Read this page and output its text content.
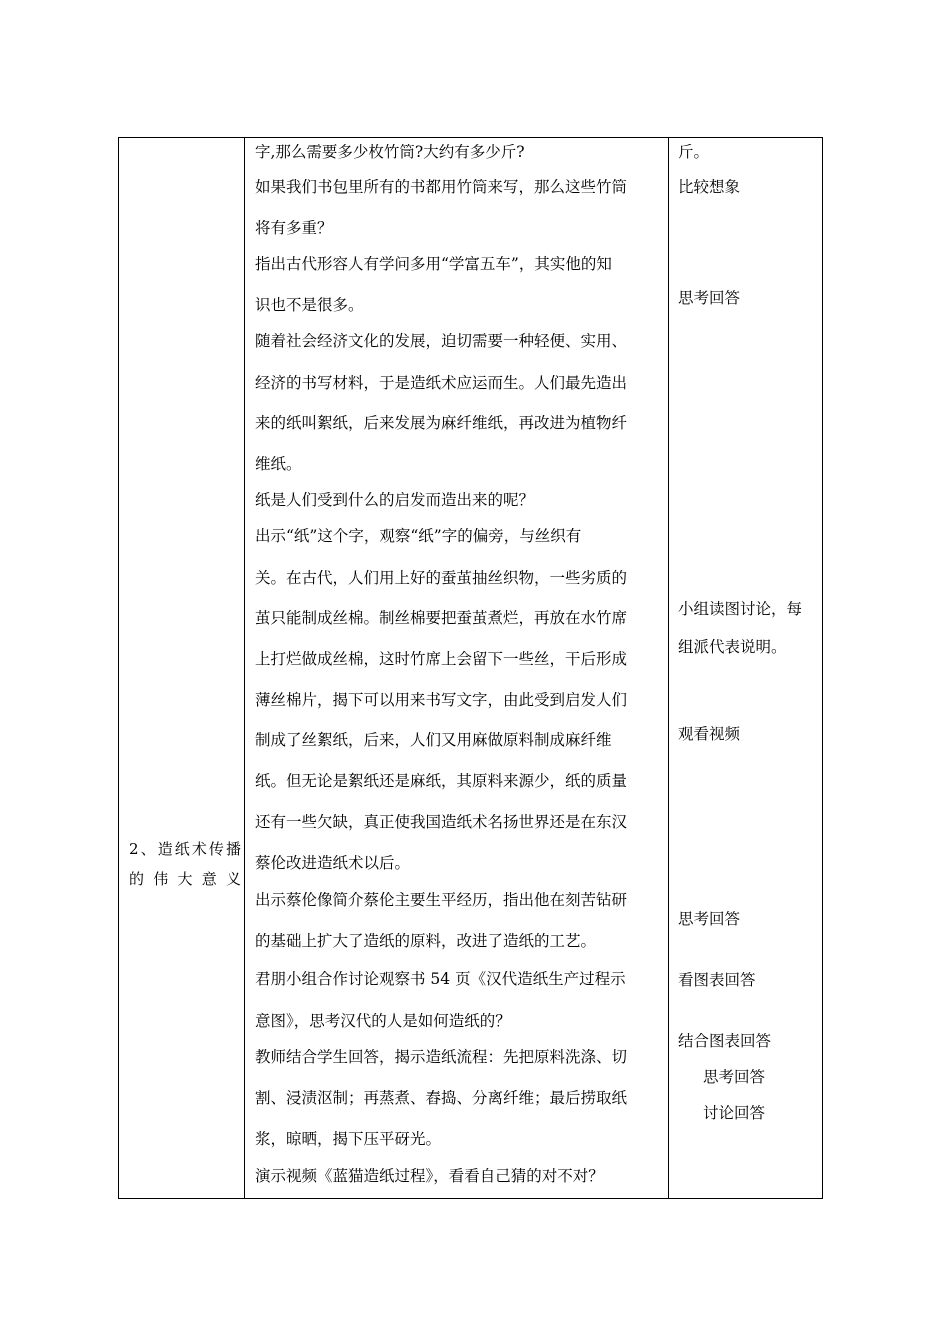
2、造纸术传播的伟大意义
字,那么需要多少枚竹筒?大约有多少斤?
如果我们书包里所有的书都用竹筒来写，那么这些竹筒
将有多重？
指出古代形容人有学问多用“学富五车”，其实他的知
识也不是很多。
随着社会经济文化的发展，迫切需要一种轻便、实用、
经济的书写材料，于是造纸术应运而生。人们最先造出
来的纸叫絮纸，后来发展为麻纤维纸，再改进为植物纤
维纸。
纸是人们受到什么的启发而造出来的呢？
出示“纸”这个字，观察“纸”字的偏旁，与丝织有
关。在古代，人们用上好的蚕茧抽丝织物，一些劣质的
茧只能制成丝棉。制丝棉要把蚕茧煮烂，再放在水竹席
上打烂做成丝棉，这时竹席上会留下一些丝，干后形成
薄丝棉片，揭下可以用来书写文字，由此受到启发人们
制成了丝絮纸，后来，人们又用麻做原料制成麻纤维
纸。但无论是絮纸还是麻纸，其原料来源少，纸的质量
还有一些欠缺，真正使我国造纸术名扬世界还是在东汉
蔡伦改进造纸术以后。
出示蔡伦像简介蔡伦主要生平经历，指出他在刻苦钻研
的基础上扩大了造纸的原料，改进了造纸的工艺。
君朋小组合作讨论观察书 54 页《汉代造纸生产过程示
意图》，思考汉代的人是如何造纸的？
教师结合学生回答，揭示造纸流程：先把原料洗涤、切
割、浸渍沤制；再蒸煮、舂捣、分离纤维；最后捞取纸
浆，晾晒，揭下压平砑光。
演示视频《蓝猫造纸过程》，看看自己猜的对不对？
斤。
比较想象
思考回答
小组读图讨论，每
组派代表说明。
观看视频
思考回答
看图表回答
结合图表回答
思考回答
讨论回答
